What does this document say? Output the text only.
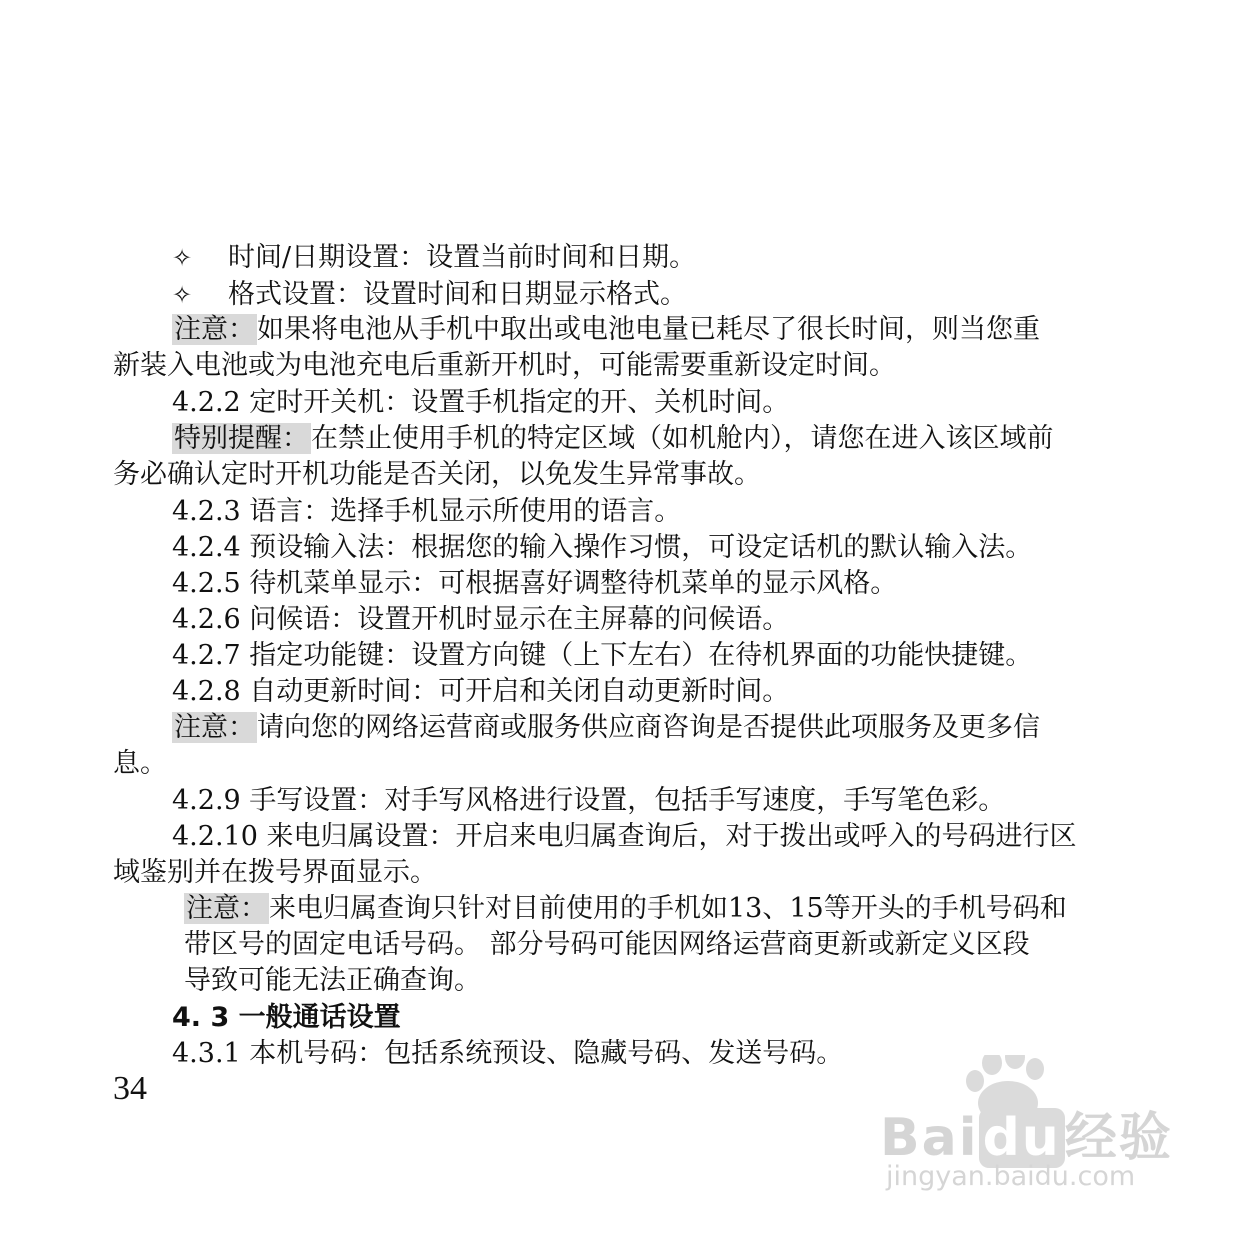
✧ 时间/日期设置：设置当前时间和日期。
✧ 格式设置：设置时间和日期显示格式。
注意：如果将电池从手机中取出或电池电量已耗尽了很长时间，则当您重
新装入电池或为电池充电后重新开机时，可能需要重新设定时间。
4.2.2 定时开关机：设置手机指定的开、关机时间。
特别提醒：在禁止使用手机的特定区域（如机舱内），请您在进入该区域前
务必确认定时开机功能是否关闭，以免发生异常事故。
4.2.3 语言：选择手机显示所使用的语言。
4.2.4 预设输入法：根据您的输入操作习惯，可设定话机的默认输入法。
4.2.5 待机菜单显示：可根据喜好调整待机菜单的显示风格。
4.2.6 问候语：设置开机时显示在主屏幕的问候语。
4.2.7 指定功能键：设置方向键（上下左右）在待机界面的功能快捷键。
4.2.8 自动更新时间：可开启和关闭自动更新时间。
注意：请向您的网络运营商或服务供应商咨询是否提供此项服务及更多信
息。
4.2.9 手写设置：对手写风格进行设置，包括手写速度，手写笔色彩。
4.2.10 来电归属设置：开启来电归属查询后，对于拨出或呼入的号码进行区
域鉴别并在拨号界面显示。
注意：来电归属查询只针对目前使用的手机如13、15等开头的手机号码和
带区号的固定电话号码。 部分号码可能因网络运营商更新或新定义区段
导致可能无法正确查询。
4. 3 一般通话设置
4.3.1 本机号码：包括系统预设、隐藏号码、发送号码。
34
Baidu经验
jingyan.baidu.com
